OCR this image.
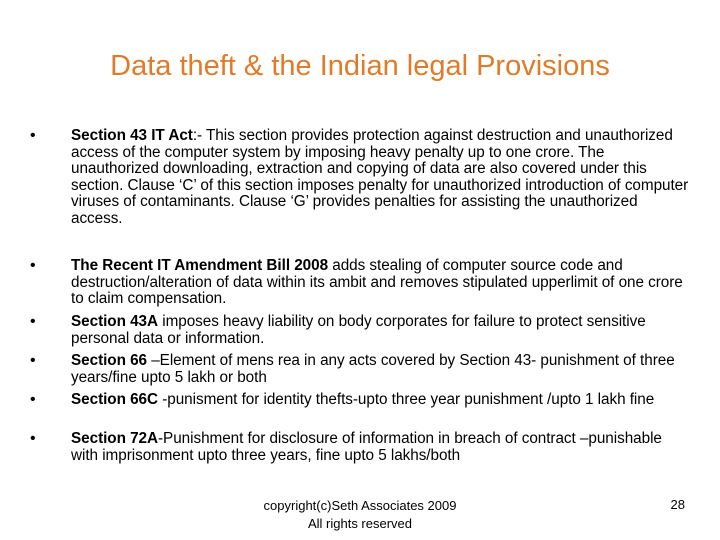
Data theft & the Indian legal Provisions
• Section 43 IT Act:- This section provides protection against destruction and unauthorized access of the computer system by imposing heavy penalty up to one crore. The unauthorized downloading, extraction and copying of data are also covered under this section. Clause ‘C’ of this section imposes penalty for unauthorized introduction of computer viruses of contaminants. Clause ‘G’ provides penalties for assisting the unauthorized access.
• The Recent IT Amendment Bill 2008 adds stealing of computer source code and destruction/alteration of data within its ambit and removes stipulated upperlimit of one crore to claim compensation.
• Section 43A imposes heavy liability on body corporates for failure to protect sensitive personal data or information.
• Section 66 –Element of mens rea in any acts covered by Section 43- punishment of three years/fine upto 5 lakh or both
• Section 66C -punisment for identity thefts-upto three year punishment /upto 1 lakh fine
• Section 72A-Punishment for disclosure of information in breach of contract –punishable with imprisonment upto three years, fine upto 5 lakhs/both
copyright(c)Seth Associates 2009
All rights reserved
28
